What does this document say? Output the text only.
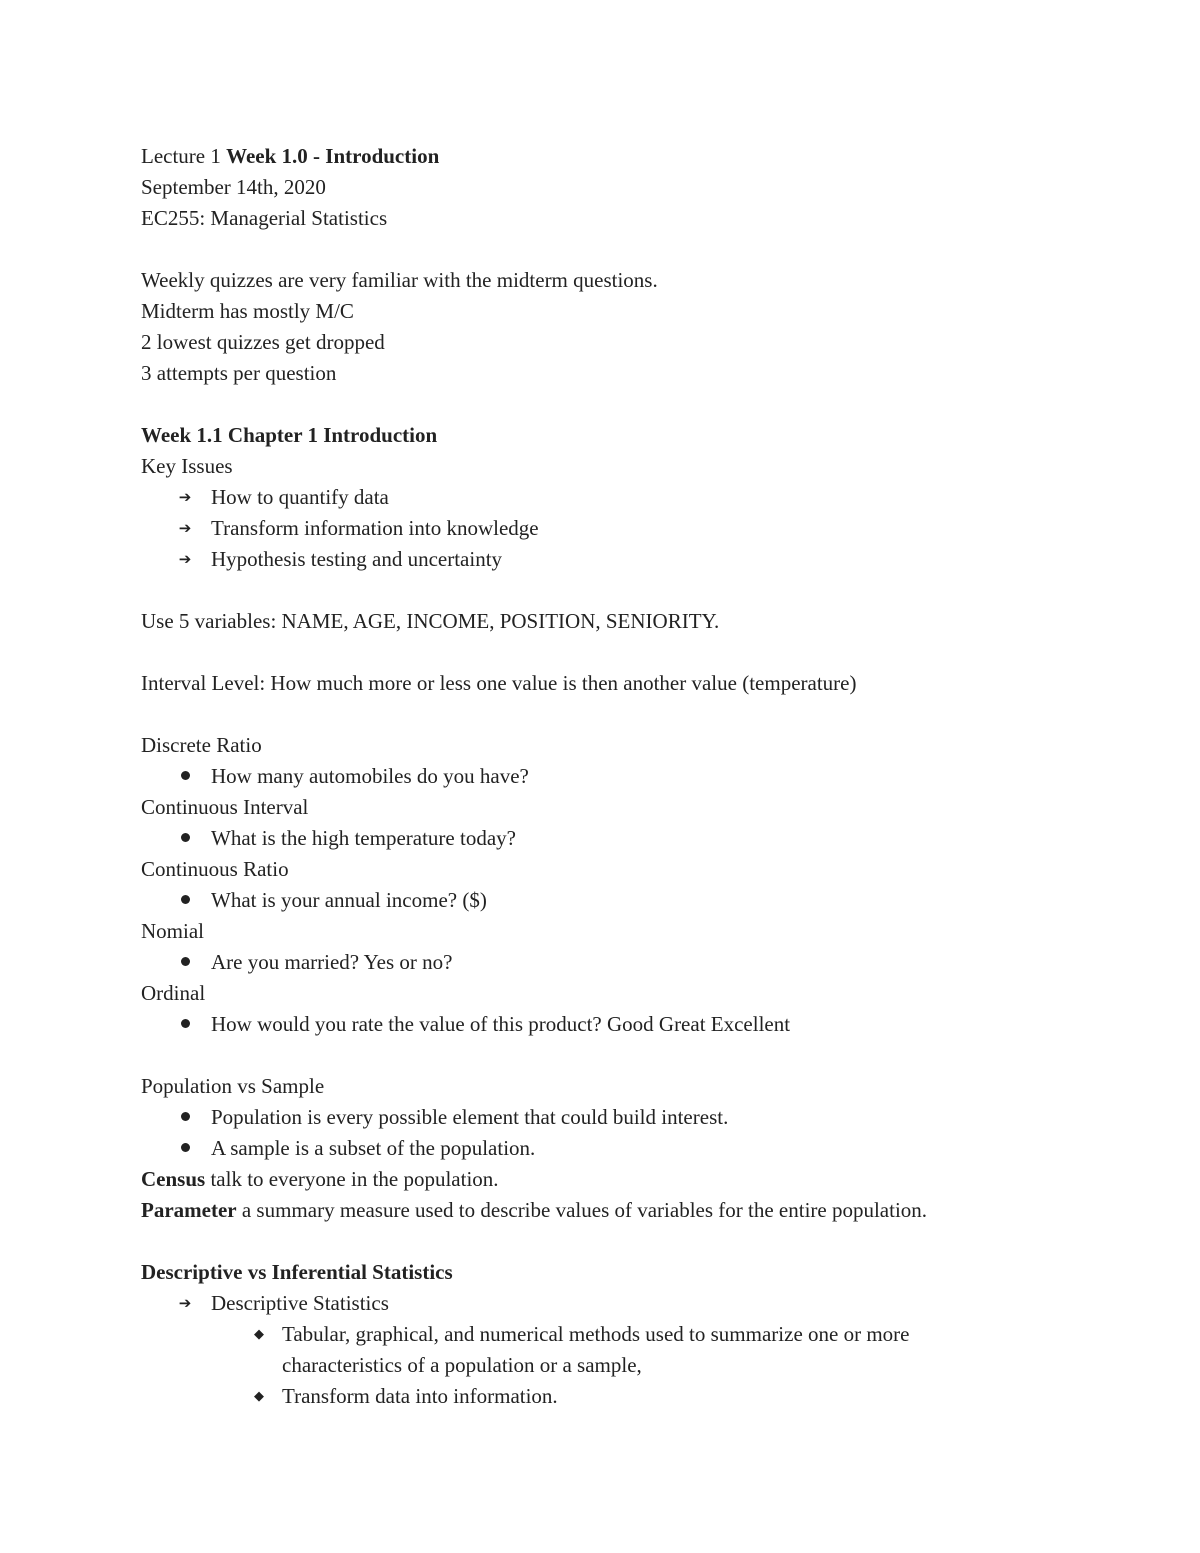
Lecture 1 Week 1.0 - Introduction
September 14th, 2020
EC255: Managerial Statistics
Weekly quizzes are very familiar with the midterm questions.
Midterm has mostly M/C
2 lowest quizzes get dropped
3 attempts per question
Week 1.1 Chapter 1 Introduction
Key Issues
➔ How to quantify data
➔ Transform information into knowledge
➔ Hypothesis testing and uncertainty
Use 5 variables: NAME, AGE, INCOME, POSITION, SENIORITY.
Interval Level: How much more or less one value is then another value (temperature)
Discrete Ratio
How many automobiles do you have?
Continuous Interval
What is the high temperature today?
Continuous Ratio
What is your annual income? ($)
Nomial
Are you married? Yes or no?
Ordinal
How would you rate the value of this product? Good Great Excellent
Population vs Sample
Population is every possible element that could build interest.
A sample is a subset of the population.
Census talk to everyone in the population.
Parameter a summary measure used to describe values of variables for the entire population.
Descriptive vs Inferential Statistics
➔ Descriptive Statistics
◆ Tabular, graphical, and numerical methods used to summarize one or more characteristics of a population or a sample,
◆ Transform data into information.
